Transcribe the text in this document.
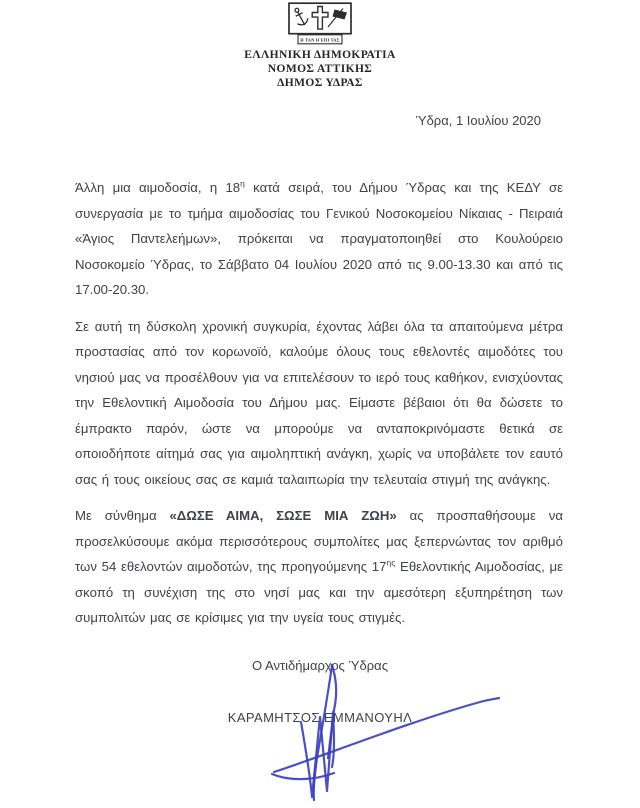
Η ΤΑΝ Η ΕΠΙ ΤΑΣ
ΕΛΛΗΝΙΚΗ ΔΗΜΟΚΡΑΤΙΑ
ΝΟΜΟΣ ΑΤΤΙΚΗΣ
ΔΗΜΟΣ ΥΔΡΑΣ
Ύδρα, 1 Ιουλίου 2020

Άλλη μια αιμοδοσία, η $18^\eta$ κατά σειρά, του Δήμου Ύδρας και της ΚΕΔΥ σε συνεργασία με το τμήμα αιμοδοσίας του Γενικού Νοσοκομείου Νίκαιας - Πειραιά «Άγιος Παντελεήμων», πρόκειται να πραγματοποιηθεί στο Κουλούρειο Νοσοκομείο Ύδρας, το Σάββατο 04 Ιουλίου 2020 από τις 9.00-13.30 και από τις 17.00-20.30.

Σε αυτή τη δύσκολη χρονική συγκυρία, έχοντας λάβει όλα τα απαιτούμενα μέτρα προστασίας από τον κορωνοϊό, καλούμε όλους τους εθελοντές αιμοδότες του νησιού μας να προσέλθουν για να επιτελέσουν το ιερό τους καθήκον, ενισχύοντας την Εθελοντική Αιμοδοσία του Δήμου μας. Είμαστε βέβαιοι ότι θα δώσετε το έμπρακτο παρόν, ώστε να μπορούμε να ανταποκρινόμαστε θετικά σε οποιοδήποτε αίτημά σας για αιμοληπτική ανάγκη, χωρίς να υποβάλετε τον εαυτό σας ή τους οικείους σας σε καμιά ταλαιπωρία την τελευταία στιγμή της ανάγκης.

Με σύνθημα «ΔΩΣΕ ΑΙΜΑ, ΣΩΣΕ ΜΙΑ ΖΩΗ» ας προσπαθήσουμε να προσελκύσουμε ακόμα περισσότερους συμπολίτες μας ξεπερνώντας τον αριθμό των 54 εθελοντών αιμοδοτών, της προηγούμενης $17^{\eta\varsigma}$ Εθελοντικής Αιμοδοσίας, με σκοπό τη συνέχιση της στο νησί μας και την αμεσότερη εξυπηρέτηση των συμπολιτών μας σε κρίσιμες για την υγεία τους στιγμές.

Ο Αντιδήμαρχος Ύδρας
ΚΑΡΑΜΗΤΣΟΣ ΕΜΜΑΝΟΥΗΛ
